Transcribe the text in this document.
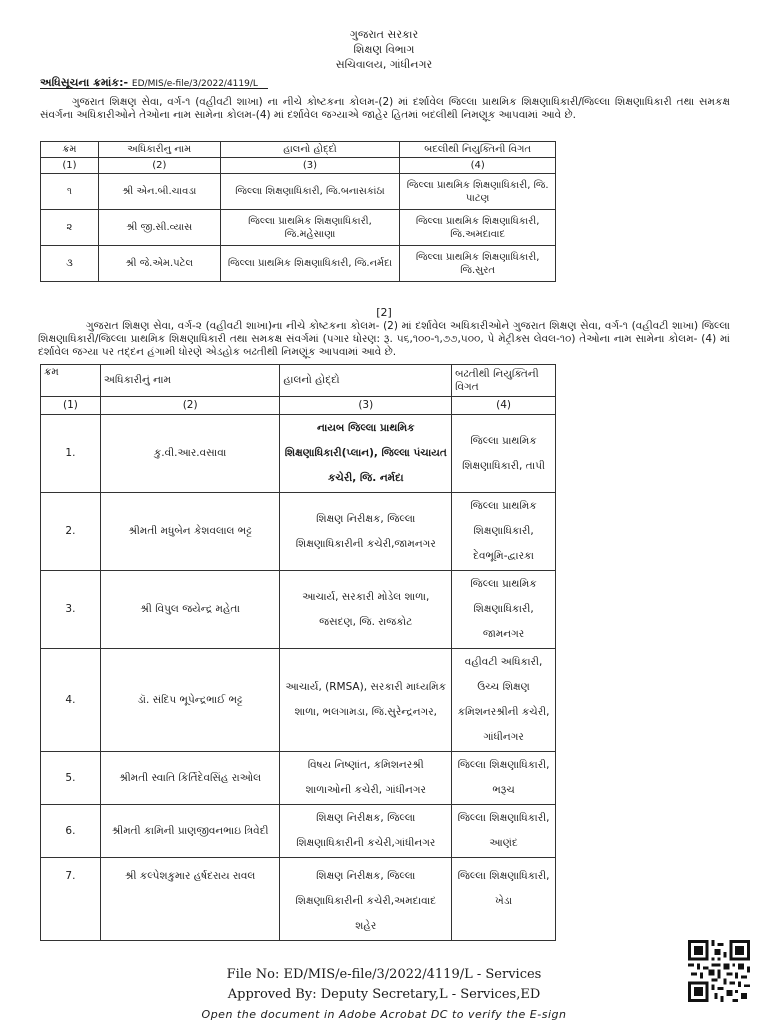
ગુજરાત સરકાર
શિક્ષણ વિભાગ
સચિવાલય, ગાંધીનગર
અધિસૂચના ક્રમાંક:- ED/MIS/e-file/3/2022/4119/L
ગુજરાત શિક્ષણ સેવા, વર્ગ-૧ (વહીવટી શાખા) ના નીચે કોષ્ટકના કોલમ-(2) માં દર્શાવેલ જિલ્લા પ્રાથમિક શિક્ષણાધિકારી/જિલ્લા શિક્ષણાધિકારી તથા સમકક્ષ સંવર્ગના અધિકારીઓને તેઓના નામ સામેના કોલમ-(4) માં દર્શાવેલ જગ્યાએ જાહેર હિતમાં બદલીથી નિમણૂક આપવામાં આવે છે.
ક્રમ	અધિકારીનુ નામ	હાલનો હોદ્દો	બદલીથી નિયુક્તિની વિગત
(1)	(2)	(3)	(4)
૧	શ્રી એન.બી.ચાવડા	જિલ્લા શિક્ષણાધિકારી, જિ.બનાસકાંઠા	જિલ્લા પ્રાથમિક શિક્ષણાધિકારી, જિ. પાટણ
૨	શ્રી જી.સી.વ્યાસ	જિલ્લા પ્રાથમિક શિક્ષણાધિકારી, જિ.મહેસાણા	જિલ્લા પ્રાથમિક શિક્ષણાધિકારી, જિ.અમદાવાદ
૩	શ્રી જે.એમ.પટેલ	જિલ્લા પ્રાથમિક શિક્ષણાધિકારી, જિ.નર્મદા	જિલ્લા પ્રાથમિક શિક્ષણાધિકારી, જિ.સુરત
[2]
ગુજરાત શિક્ષણ સેવા, વર્ગ-૨ (વહીવટી શાખા)ના નીચે કોષ્ટકના કોલમ- (2) માં દર્શાવેલ અધિકારીઓને ગુજરાત શિક્ષણ સેવા, વર્ગ-૧ (વહીવટી શાખા) જિલ્લા શિક્ષણાધિકારી/જિલ્લા પ્રાથમિક શિક્ષણાધિકારી તથા સમકક્ષ સંવર્ગમાં (પગાર ધોરણ: રૂ. ૫૬,૧૦૦-૧,૭૭,૫૦૦, પે મેટ્રીક્સ લેવલ-૧૦) તેઓના નામ સામેના કોલમ- (4) માં દર્શાવેલ જગ્યા પર તદ્દન હંગામી ધોરણે એડહોક બઢતીથી નિમણૂંક આપવામાં આવે છે.
ક્રમ	અધિકારીનું નામ	હાલનો હોદ્દો	બઢતીથી નિયુક્તિની વિગત
(1)	(2)	(3)	(4)
1.	કુ.વી.આર.વસાવા	નાયબ જિલ્લા પ્રાથમિક શિક્ષણાધિકારી(પ્લાન), જિલ્લા પંચાયત કચેરી, જિ. નર્મદા	જિલ્લા પ્રાથમિક શિક્ષણાધિકારી, તાપી
2.	શ્રીમતી મધુબેન કેશવલાલ ભટ્ટ	શિક્ષણ નિરીક્ષક, જિલ્લા શિક્ષણાધિકારીની કચેરી,જામનગર	જિલ્લા પ્રાથમિક શિક્ષણાધિકારી, દેવભૂમિ-દ્વારકા
3.	શ્રી વિપુલ જયેન્દ્ર મહેતા	આચાર્ય, સરકારી મોડેલ શાળા, જસદણ, જિ. રાજકોટ	જિલ્લા પ્રાથમિક શિક્ષણાધિકારી, જામનગર
4.	ડૉ. સંદિપ ભૂપેન્દ્રભાઈ ભટ્ટ	આચાર્ય, (RMSA), સરકારી માધ્યમિક શાળા, ભલગામડા, જિ.સુરેન્દ્રનગર,	વહીવટી અધિકારી, ઉચ્ચ શિક્ષણ કમિશનરશ્રીની કચેરી, ગાંધીનગર
5.	શ્રીમતી સ્વાતિ કિર્તિદેવસિંહ રાઓલ	વિષય નિષ્ણાંત, કમિશનરશ્રી શાળાઓની કચેરી, ગાંધીનગર	જિલ્લા શિક્ષણાધિકારી, ભરૂચ
6.	શ્રીમતી કામિની પ્રાણજીવનભાઇ ત્રિવેદી	શિક્ષણ નિરીક્ષક, જિલ્લા શિક્ષણાધિકારીની કચેરી,ગાંધીનગર	જિલ્લા શિક્ષણાધિકારી, આણંદ
7.	શ્રી કલ્પેશકુમાર હર્ષદરાય રાવલ	શિક્ષણ નિરીક્ષક, જિલ્લા શિક્ષણાધિકારીની કચેરી,અમદાવાદ શહેર	જિલ્લા શિક્ષણાધિકારી, ખેડા
File No: ED/MIS/e-file/3/2022/4119/L - Services
Approved By: Deputy Secretary,L - Services,ED
Open the document in Adobe Acrobat DC to verify the E-sign
